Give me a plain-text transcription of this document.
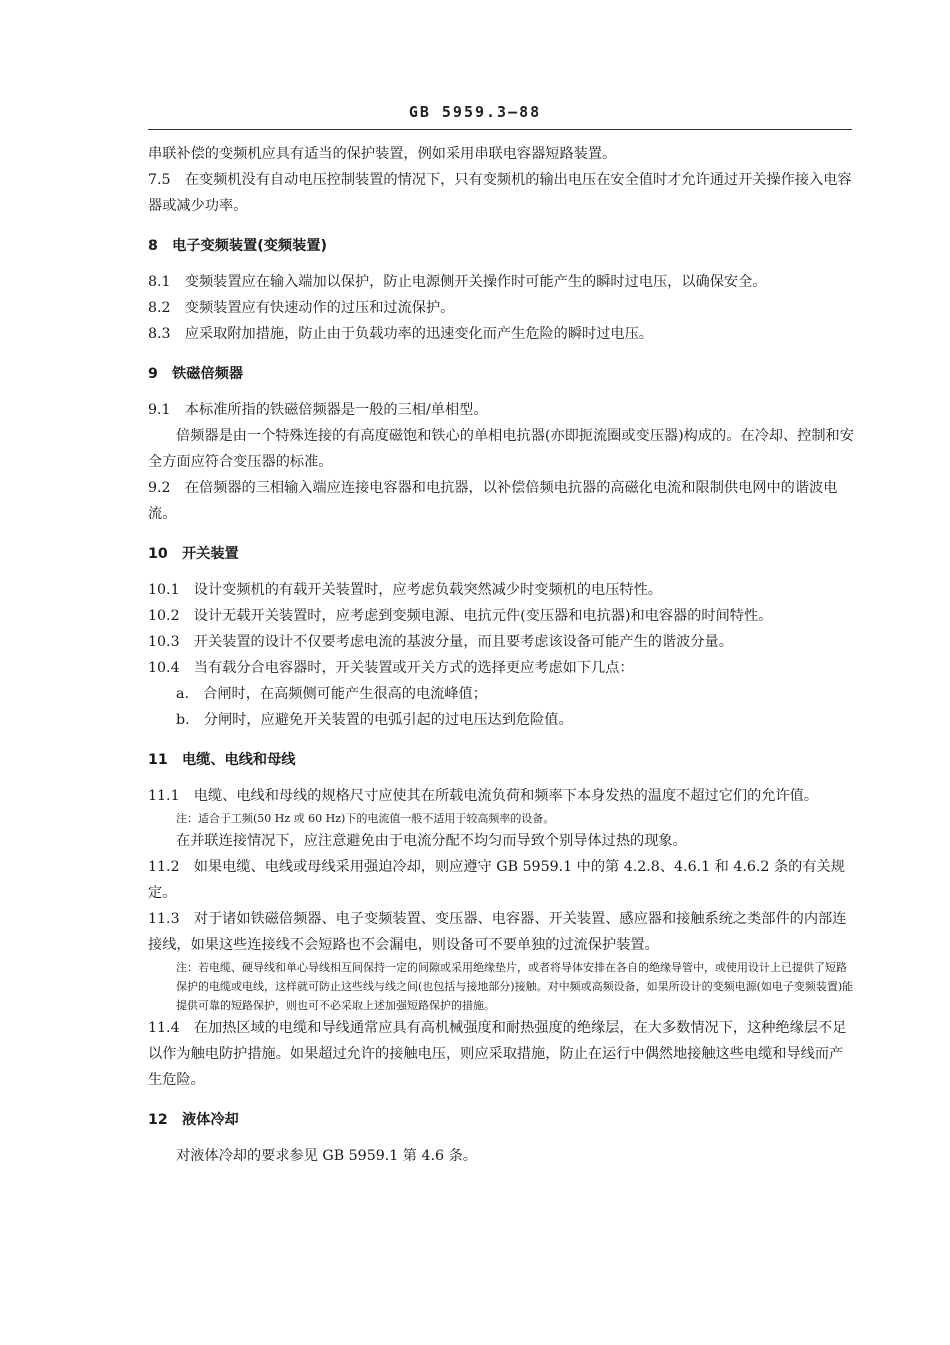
GB 5959.3—88

串联补偿的变频机应具有适当的保护装置，例如采用串联电容器短路装置。

7.5　 在变频机没有自动电压控制装置的情况下，只有变频机的输出电压在安全值时才允许通过开关操作接入电容器或减少功率。

8　 电子变频装置(变频装置)

8.1　 变频装置应在输入端加以保护，防止电源侧开关操作时可能产生的瞬时过电压，以确保安全。

8.2　 变频装置应有快速动作的过压和过流保护。

8.3　 应采取附加措施，防止由于负载功率的迅速变化而产生危险的瞬时过电压。

9　 铁磁倍频器

9.1　 本标准所指的铁磁倍频器是一般的三相/单相型。

倍频器是由一个特殊连接的有高度磁饱和铁心的单相电抗器(亦即扼流圈或变压器)构成的。在冷却、控制和安全方面应符合变压器的标准。

9.2　 在倍频器的三相输入端应连接电容器和电抗器，以补偿倍频电抗器的高磁化电流和限制供电网中的谐波电流。

10　 开关装置

10.1　 设计变频机的有载开关装置时，应考虑负载突然减少时变频机的电压特性。

10.2　 设计无载开关装置时，应考虑到变频电源、电抗元件(变压器和电抗器)和电容器的时间特性。

10.3　 开关装置的设计不仅要考虑电流的基波分量，而且要考虑该设备可能产生的谐波分量。

10.4　 当有载分合电容器时，开关装置或开关方式的选择更应考虑如下几点：

a.　 合闸时，在高频侧可能产生很高的电流峰值；

b.　 分闸时，应避免开关装置的电弧引起的过电压达到危险值。

11　 电缆、电线和母线

11.1　 电缆、电线和母线的规格尺寸应使其在所载电流负荷和频率下本身发热的温度不超过它们的允许值。

注：适合于工频(50 Hz 或 60 Hz)下的电流值一般不适用于较高频率的设备。

在并联连接情况下，应注意避免由于电流分配不均匀而导致个别导体过热的现象。

11.2　 如果电缆、电线或母线采用强迫冷却，则应遵守 GB 5959.1 中的第 4.2.8、4.6.1 和 4.6.2 条的有关规定。

11.3　 对于诸如铁磁倍频器、电子变频装置、变压器、电容器、开关装置、感应器和接触系统之类部件的内部连接线，如果这些连接线不会短路也不会漏电，则设备可不要单独的过流保护装置。

注：若电缆、硬导线和单心导线相互间保持一定的间隙或采用绝缘垫片，或者将导体安排在各自的绝缘导管中，或使用设计上已提供了短路保护的电缆或电线，这样就可防止这些线与线之间(也包括与接地部分)接触。对中频或高频设备，如果所设计的变频电源(如电子变频装置)能提供可靠的短路保护，则也可不必采取上述加强短路保护的措施。

11.4　 在加热区域的电缆和导线通常应具有高机械强度和耐热强度的绝缘层，在大多数情况下，这种绝缘层不足以作为触电防护措施。如果超过允许的接触电压，则应采取措施，防止在运行中偶然地接触这些电缆和导线而产生危险。

12　 液体冷却

对液体冷却的要求参见 GB 5959.1 第 4.6 条。
